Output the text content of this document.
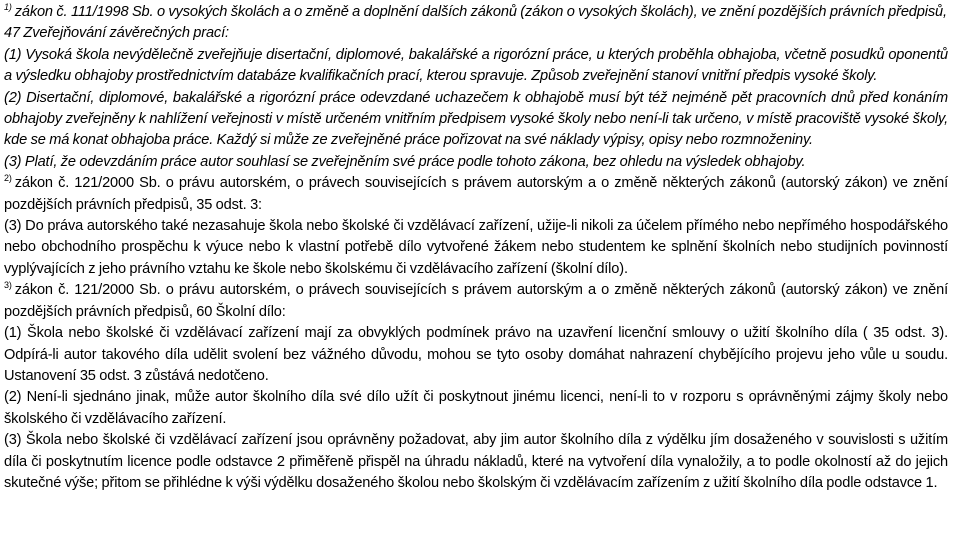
$^{1)}$ zákon č. 111/1998 Sb. o vysokých školách a o změně a doplnění dalších zákonů (zákon o vysokých školách), ve znění pozdějších právních předpisů, 47 Zveřejňování závěrečných prací:
(1) Vysoká škola nevýdělečně zveřejňuje disertační, diplomové, bakalářské a rigorózní práce, u kterých proběhla obhajoba, včetně posudků oponentů a výsledku obhajoby prostřednictvím databáze kvalifikačních prací, kterou spravuje. Způsob zveřejnění stanoví vnitřní předpis vysoké školy.
(2) Disertační, diplomové, bakalářské a rigorózní práce odevzdané uchazečem k obhajobě musí být též nejméně pět pracovních dnů před konáním obhajoby zveřejněny k nahlížení veřejnosti v místě určeném vnitřním předpisem vysoké školy nebo není-li tak určeno, v místě pracoviště vysoké školy, kde se má konat obhajoba práce. Každý si může ze zveřejněné práce pořizovat na své náklady výpisy, opisy nebo rozmnoženiny.
(3) Platí, že odevzdáním práce autor souhlasí se zveřejněním své práce podle tohoto zákona, bez ohledu na výsledek obhajoby.
$^{2)}$ zákon č. 121/2000 Sb. o právu autorském, o právech souvisejících s právem autorským a o změně některých zákonů (autorský zákon) ve znění pozdějších právních předpisů, 35 odst. 3:
(3) Do práva autorského také nezasahuje škola nebo školské či vzdělávací zařízení, užije-li nikoli za účelem přímého nebo nepřímého hospodářského nebo obchodního prospěchu k výuce nebo k vlastní potřebě dílo vytvořené žákem nebo studentem ke splnění školních nebo studijních povinností vyplývajících z jeho právního vztahu ke škole nebo školskému či vzdělávacího zařízení (školní dílo).
$^{3)}$ zákon č. 121/2000 Sb. o právu autorském, o právech souvisejících s právem autorským a o změně některých zákonů (autorský zákon) ve znění pozdějších právních předpisů, 60 Školní dílo:
(1) Škola nebo školské či vzdělávací zařízení mají za obvyklých podmínek právo na uzavření licenční smlouvy o užití školního díla ( 35 odst. 3). Odpírá-li autor takového díla udělit svolení bez vážného důvodu, mohou se tyto osoby domáhat nahrazení chybějícího projevu jeho vůle u soudu. Ustanovení 35 odst. 3 zůstává nedotčeno.
(2) Není-li sjednáno jinak, může autor školního díla své dílo užít či poskytnout jinému licenci, není-li to v rozporu s oprávněnými zájmy školy nebo školského či vzdělávacího zařízení.
(3) Škola nebo školské či vzdělávací zařízení jsou oprávněny požadovat, aby jim autor školního díla z výdělku jím dosaženého v souvislosti s užitím díla či poskytnutím licence podle odstavce 2 přiměřeně přispěl na úhradu nákladů, které na vytvoření díla vynaložily, a to podle okolností až do jejich skutečné výše; přitom se přihlédne k výši výdělku dosaženého školou nebo školským či vzdělávacím zařízením z užití školního díla podle odstavce 1.
